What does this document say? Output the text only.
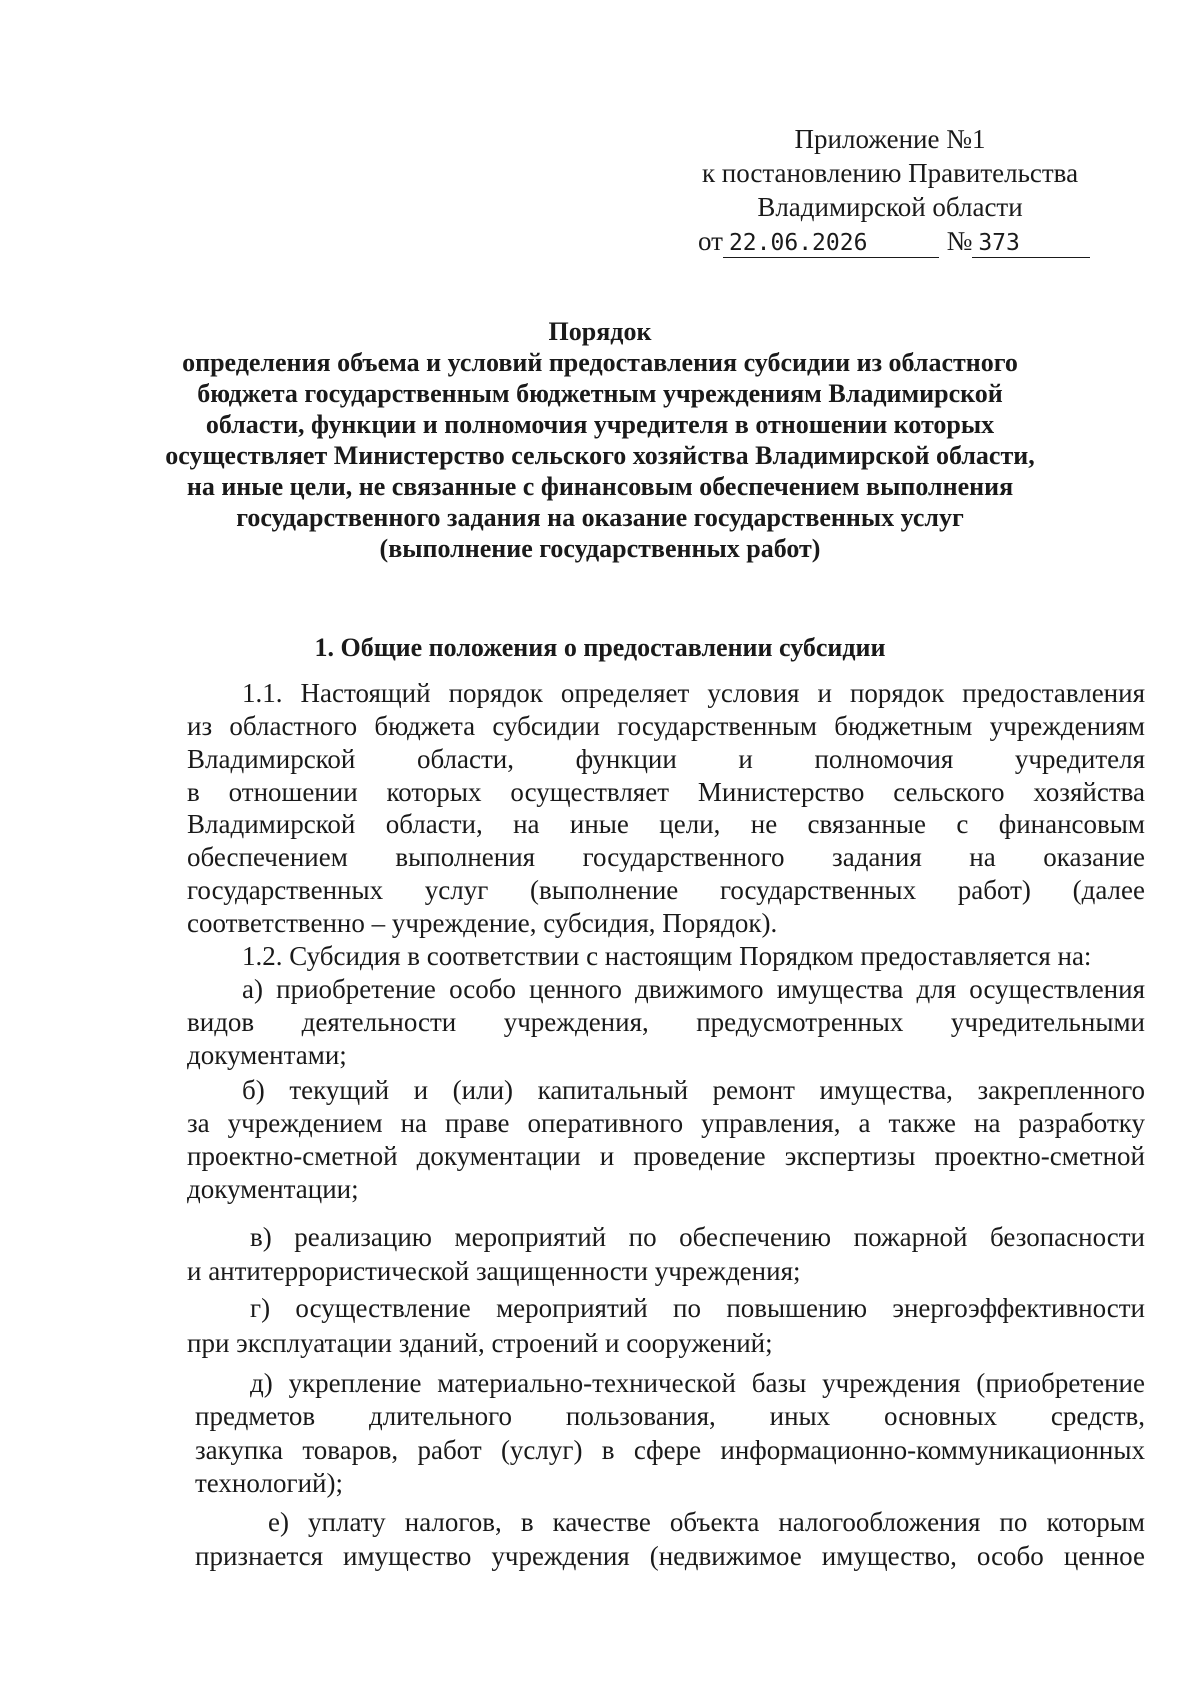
Приложение №1
к постановлению Правительства
Владимирской области
от 22.06.2026	№ 373
Порядок
определения объема и условий предоставления субсидии из областного
бюджета государственным бюджетным учреждениям Владимирской
области, функции и полномочия учредителя в отношении которых
осуществляет Министерство сельского хозяйства Владимирской области,
на иные цели, не связанные с финансовым обеспечением выполнения
государственного задания на оказание государственных услуг
(выполнение государственных работ)
1. Общие положения о предоставлении субсидии
1.1. Настоящий порядок определяет условия и порядок предоставления
из областного бюджета субсидии государственным бюджетным учреждениям
Владимирской области, функции и полномочия учредителя
в отношении которых осуществляет Министерство сельского хозяйства
Владимирской области, на иные цели, не связанные с финансовым
обеспечением выполнения государственного задания на оказание
государственных услуг (выполнение государственных работ) (далее
соответственно – учреждение, субсидия, Порядок).
1.2. Субсидия в соответствии с настоящим Порядком предоставляется на:
а) приобретение особо ценного движимого имущества для осуществления
видов деятельности учреждения, предусмотренных учредительными
документами;
б) текущий и (или) капитальный ремонт имущества, закрепленного
за учреждением на праве оперативного управления, а также на разработку
проектно-сметной документации и проведение экспертизы проектно-сметной
документации;
в) реализацию мероприятий по обеспечению пожарной безопасности
и антитеррористической защищенности учреждения;
г) осуществление мероприятий по повышению энергоэффективности
при эксплуатации зданий, строений и сооружений;
д) укрепление материально-технической базы учреждения (приобретение
предметов длительного пользования, иных основных средств,
закупка товаров, работ (услуг) в сфере информационно-коммуникационных
технологий);
е) уплату налогов, в качестве объекта налогообложения по которым
признается имущество учреждения (недвижимое имущество, особо ценное
